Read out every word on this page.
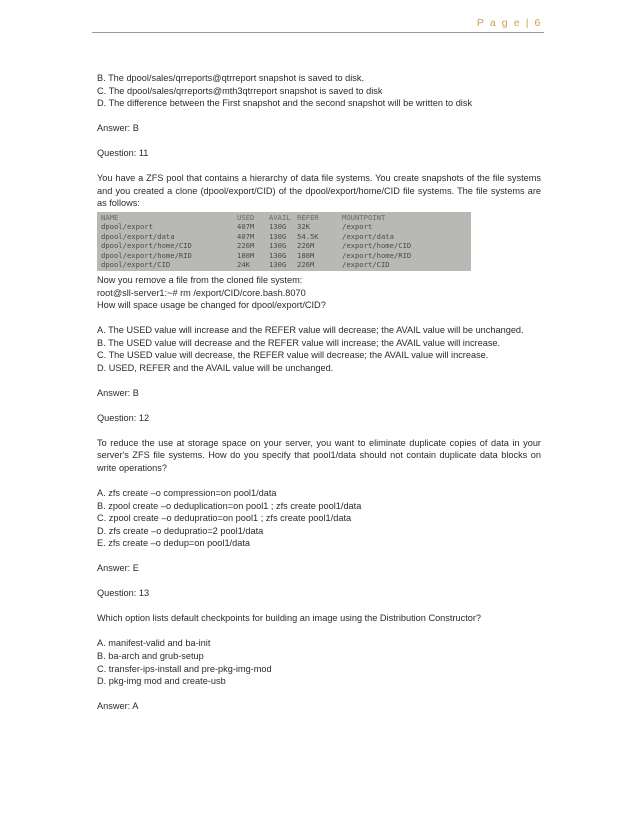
P a g e | 6
B. The dpool/sales/qrreports@qtrreport snapshot is saved to disk.
C. The dpool/sales/qrreports@mth3qtrreport snapshot is saved to disk
D. The difference between the First snapshot and the second snapshot will be written to disk
Answer: B
Question: 11
You have a ZFS pool that contains a hierarchy of data file systems. You create snapshots of the file systems and you created a clone (dpool/export/CID) of the dpool/export/home/CID file systems. The file systems are as follows:
NAME	USED	AVAIL REFER	MOUNTPOINT
dpool/export	407M	130G	32K	/export
dpool/export/data	407M	130G	54.5K	/export/data
dpool/export/home/CID	226M	130G	226M	/export/home/CID
dpool/export/home/RID	180M	130G	180M	/export/home/RID
dpool/export/CID	24K	130G	226M	/export/CID
Now you remove a file from the cloned file system:
root@sll-server1:~# rm /export/CID/core.bash.8070
How will space usage be changed for dpool/export/CID?
A. The USED value will increase and the REFER value will decrease; the AVAIL value will be unchanged.
B. The USED value will decrease and the REFER value will increase; the AVAIL value will increase.
C. The USED value will decrease, the REFER value will decrease; the AVAIL value will increase.
D. USED, REFER and the AVAIL value will be unchanged.
Answer: B
Question: 12
To reduce the use at storage space on your server, you want to eliminate duplicate copies of data in your server's ZFS file systems. How do you specify that pool1/data should not contain duplicate data blocks on write operations?
A. zfs create –o compression=on pool1/data
B. zpool create –o deduplication=on pool1 ; zfs create pool1/data
C. zpool create –o dedupratio=on pool1 ; zfs create pool1/data
D. zfs create –o dedupratio=2 pool1/data
E. zfs create –o dedup=on pool1/data
Answer: E
Question: 13
Which option lists default checkpoints for building an image using the Distribution Constructor?
A. manifest-valid and ba-init
B. ba-arch and grub-setup
C. transfer-ips-install and pre-pkg-img-mod
D. pkg-img mod and create-usb
Answer: A
